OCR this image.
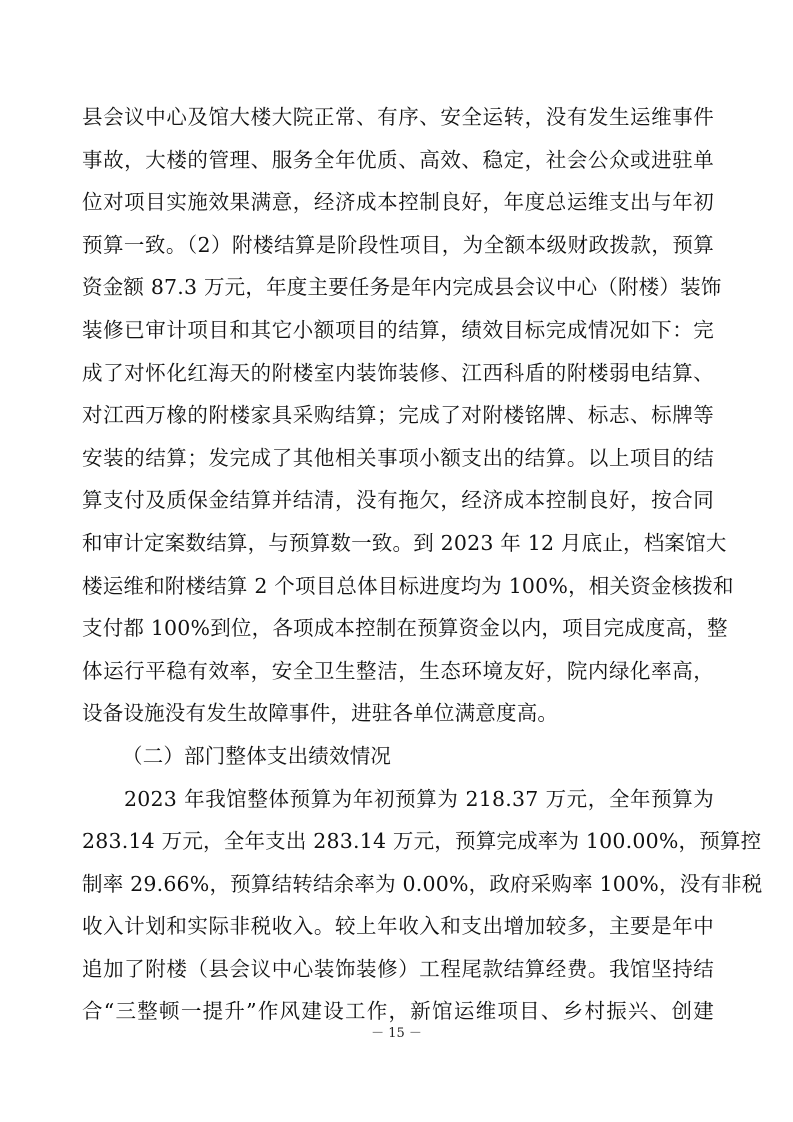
县会议中心及馆大楼大院正常、有序、安全运转，没有发生运维事件
事故，大楼的管理、服务全年优质、高效、稳定，社会公众或进驻单
位对项目实施效果满意，经济成本控制良好，年度总运维支出与年初
预算一致。（2）附楼结算是阶段性项目，为全额本级财政拨款，预算
资金额 87.3 万元，年度主要任务是年内完成县会议中心（附楼）装饰
装修已审计项目和其它小额项目的结算，绩效目标完成情况如下：完
成了对怀化红海天的附楼室内装饰装修、江西科盾的附楼弱电结算、
对江西万橡的附楼家具采购结算；完成了对附楼铭牌、标志、标牌等
安装的结算；发完成了其他相关事项小额支出的结算。以上项目的结
算支付及质保金结算并结清，没有拖欠，经济成本控制良好，按合同
和审计定案数结算，与预算数一致。到 2023 年 12 月底止，档案馆大
楼运维和附楼结算 2 个项目总体目标进度均为 100%，相关资金核拨和
支付都 100%到位，各项成本控制在预算资金以内，项目完成度高，整
体运行平稳有效率，安全卫生整洁，生态环境友好，院内绿化率高，
设备设施没有发生故障事件，进驻各单位满意度高。
（二）部门整体支出绩效情况
2023 年我馆整体预算为年初预算为 218.37 万元，全年预算为
283.14 万元，全年支出 283.14 万元，预算完成率为 100.00%，预算控
制率 29.66%，预算结转结余率为 0.00%，政府采购率 100%，没有非税
收入计划和实际非税收入。较上年收入和支出增加较多，主要是年中
追加了附楼（县会议中心装饰装修）工程尾款结算经费。我馆坚持结
合“三整顿一提升”作风建设工作，新馆运维项目、乡村振兴、创建
－ 15 －
